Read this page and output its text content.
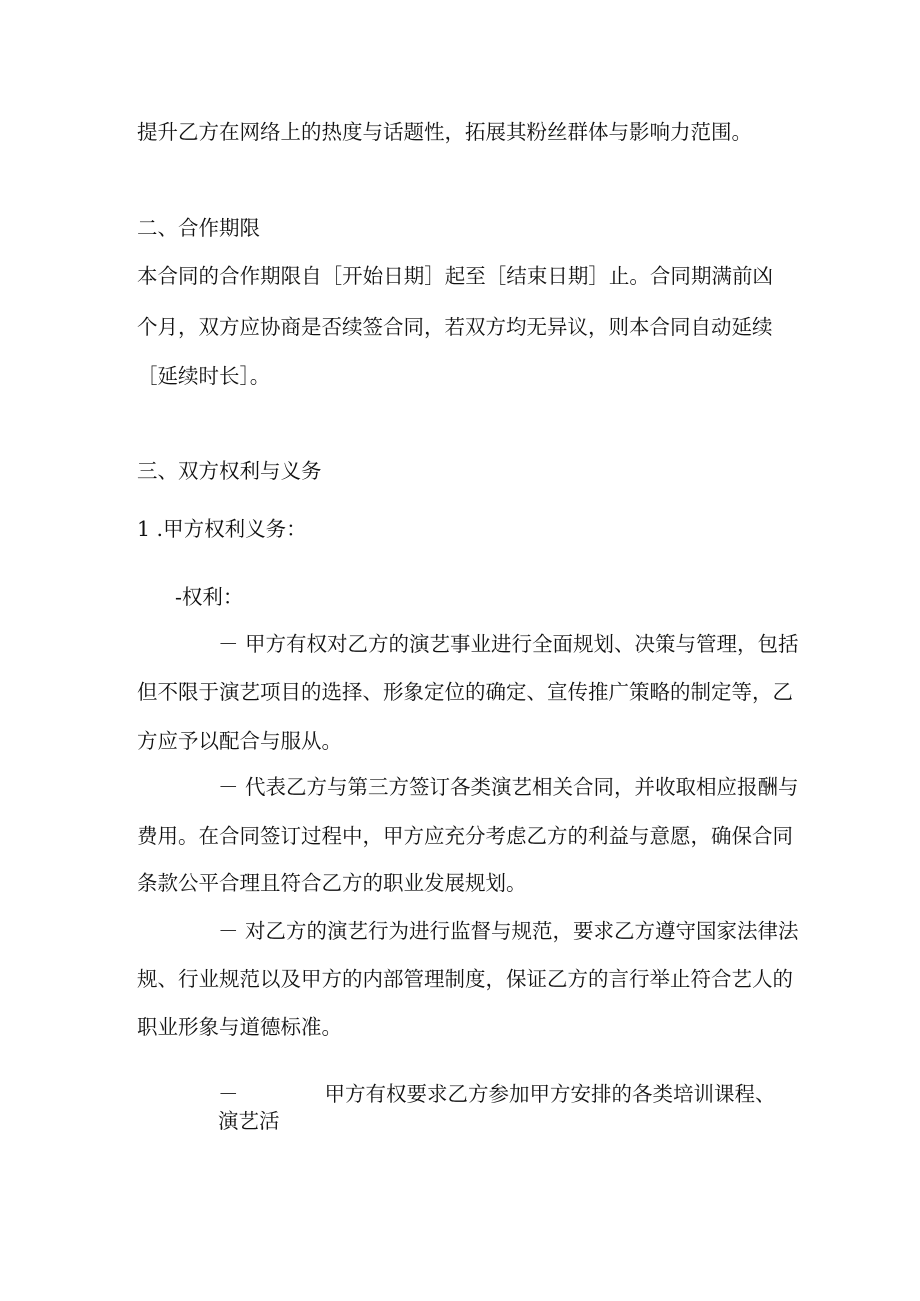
提升乙方在网络上的热度与话题性，拓展其粉丝群体与影响力范围。
二、合作期限
本合同的合作期限自［开始日期］起至［结束日期］止。合同期满前凶
个月，双方应协商是否续签合同，若双方均无异议，则本合同自动延续
［延续时长］。
三、双方权利与义务
1 .甲方权利义务：
-权利：
－ 甲方有权对乙方的演艺事业进行全面规划、决策与管理，包括
但不限于演艺项目的选择、形象定位的确定、宣传推广策略的制定等，乙
方应予以配合与服从。
－ 代表乙方与第三方签订各类演艺相关合同，并收取相应报酬与
费用。在合同签订过程中，甲方应充分考虑乙方的利益与意愿，确保合同
条款公平合理且符合乙方的职业发展规划。
－ 对乙方的演艺行为进行监督与规范，要求乙方遵守国家法律法
规、行业规范以及甲方的内部管理制度，保证乙方的言行举止符合艺人的
职业形象与道德标准。
－	甲方有权要求乙方参加甲方安排的各类培训课程、
演艺活
